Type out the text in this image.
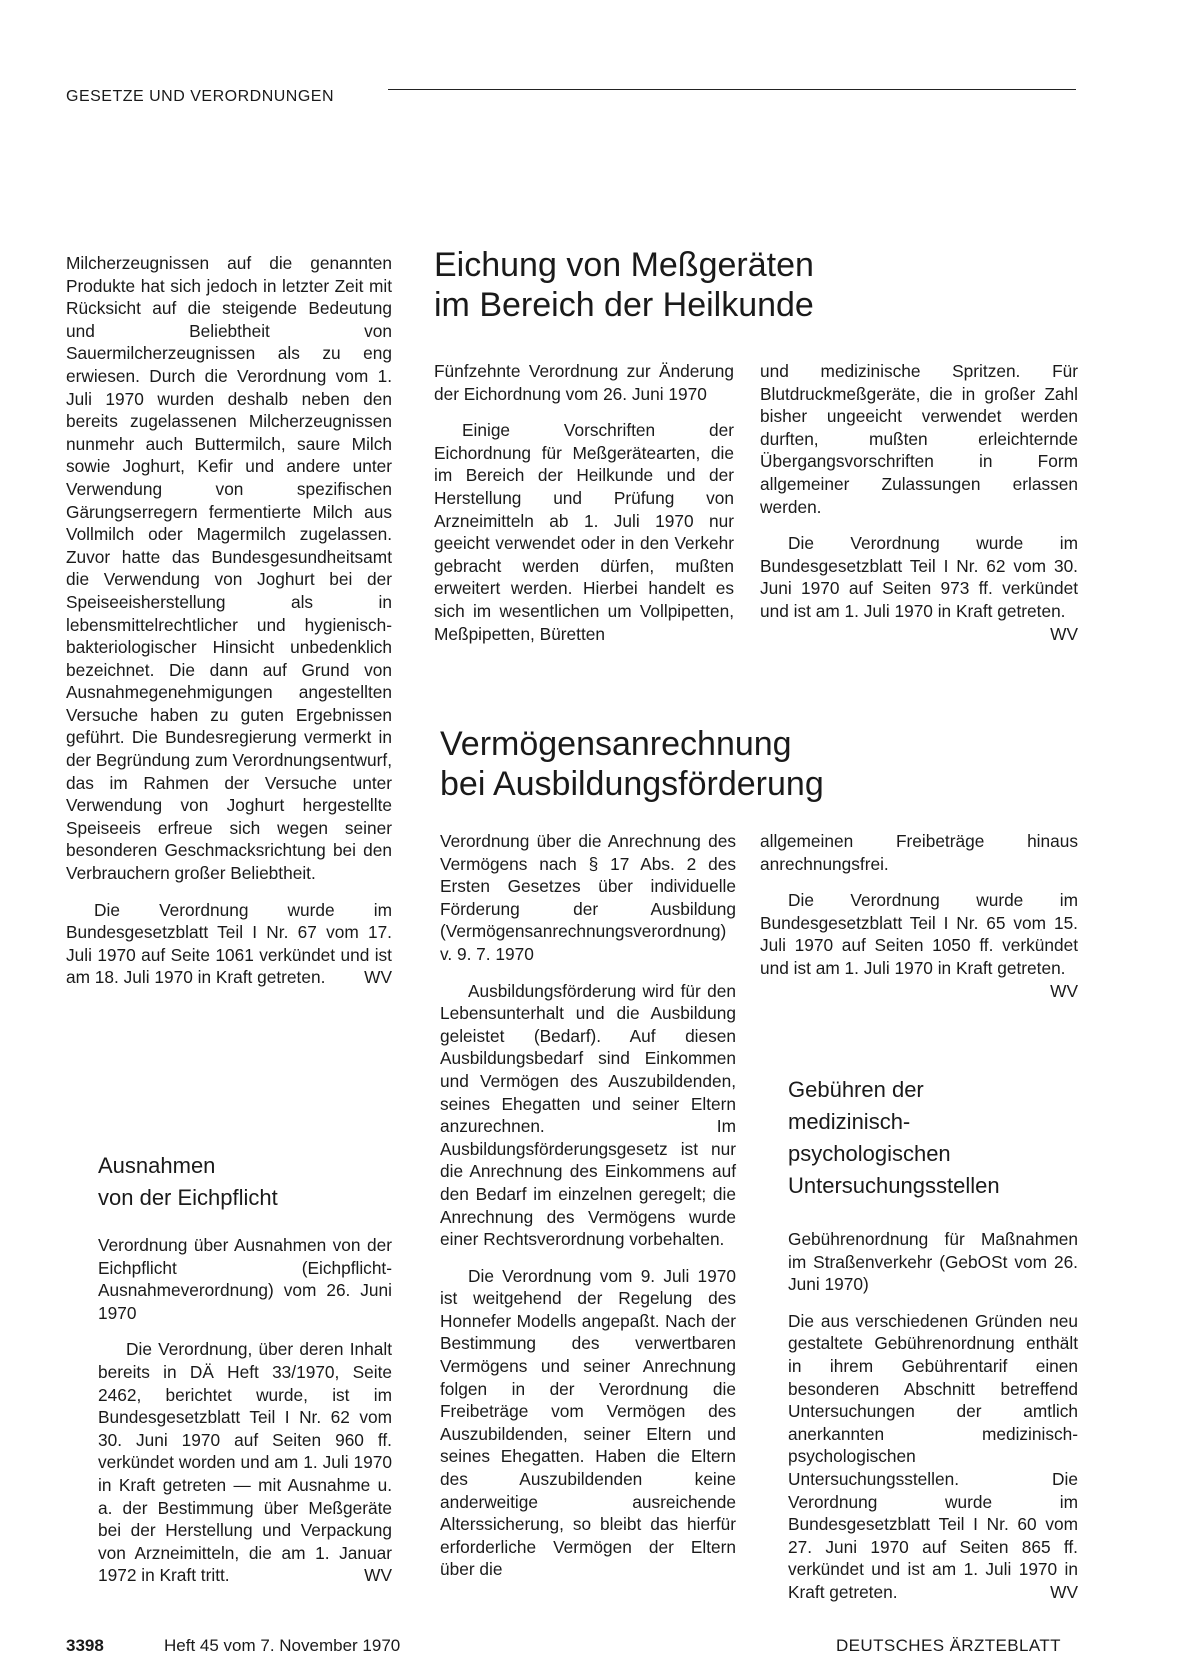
GESETZE UND VERORDNUNGEN

Milcherzeugnissen auf die genannten Produkte hat sich jedoch in letzter Zeit mit Rücksicht auf die steigende Bedeutung und Beliebtheit von Sauermilcherzeugnissen als zu eng erwiesen. Durch die Verordnung vom 1. Juli 1970 wurden deshalb neben den bereits zugelassenen Milcherzeugnissen nunmehr auch Buttermilch, saure Milch sowie Joghurt, Kefir und andere unter Verwendung von spezifischen Gärungserregern fermentierte Milch aus Vollmilch oder Magermilch zugelassen. Zuvor hatte das Bundesgesundheitsamt die Verwendung von Joghurt bei der Speiseeisherstellung als in lebensmittelrechtlicher und hygienisch-bakteriologischer Hinsicht unbedenklich bezeichnet. Die dann auf Grund von Ausnahmegenehmigungen angestellten Versuche haben zu guten Ergebnissen geführt. Die Bundesregierung vermerkt in der Begründung zum Verordnungsentwurf, das im Rahmen der Versuche unter Verwendung von Joghurt hergestellte Speiseeis erfreue sich wegen seiner besonderen Geschmacksrichtung bei den Verbrauchern großer Beliebtheit.

Die Verordnung wurde im Bundesgesetzblatt Teil I Nr. 67 vom 17. Juli 1970 auf Seite 1061 verkündet und ist am 18. Juli 1970 in Kraft getreten.	WV

Ausnahmen
von der Eichpflicht

Verordnung über Ausnahmen von der Eichpflicht (Eichpflicht-Ausnahmeverordnung) vom 26. Juni 1970

Die Verordnung, über deren Inhalt bereits in DÄ Heft 33/1970, Seite 2462, berichtet wurde, ist im Bundesgesetzblatt Teil I Nr. 62 vom 30. Juni 1970 auf Seiten 960 ff. verkündet worden und am 1. Juli 1970 in Kraft getreten — mit Ausnahme u. a. der Bestimmung über Meßgeräte bei der Herstellung und Verpackung von Arzneimitteln, die am 1. Januar 1972 in Kraft tritt.	WV

Eichung von Meßgeräten
im Bereich der Heilkunde

Fünfzehnte Verordnung zur Änderung der Eichordnung vom 26. Juni 1970

Einige Vorschriften der Eichordnung für Meßgerätearten, die im Bereich der Heilkunde und der Herstellung und Prüfung von Arzneimitteln ab 1. Juli 1970 nur geeicht verwendet oder in den Verkehr gebracht werden dürfen, mußten erweitert werden. Hierbei handelt es sich im wesentlichen um Vollpipetten, Meßpipetten, Büretten

und medizinische Spritzen. Für Blutdruckmeßgeräte, die in großer Zahl bisher ungeeicht verwendet werden durften, mußten erleichternde Übergangsvorschriften in Form allgemeiner Zulassungen erlassen werden.

Die Verordnung wurde im Bundesgesetzblatt Teil I Nr. 62 vom 30. Juni 1970 auf Seiten 973 ff. verkündet und ist am 1. Juli 1970 in Kraft getreten.
WV

Vermögensanrechnung
bei Ausbildungsförderung

Verordnung über die Anrechnung des Vermögens nach § 17 Abs. 2 des Ersten Gesetzes über individuelle Förderung der Ausbildung (Vermögensanrechnungsverordnung) v. 9. 7. 1970

Ausbildungsförderung wird für den Lebensunterhalt und die Ausbildung geleistet (Bedarf). Auf diesen Ausbildungsbedarf sind Einkommen und Vermögen des Auszubildenden, seines Ehegatten und seiner Eltern anzurechnen. Im Ausbildungsförderungsgesetz ist nur die Anrechnung des Einkommens auf den Bedarf im einzelnen geregelt; die Anrechnung des Vermögens wurde einer Rechtsverordnung vorbehalten.

Die Verordnung vom 9. Juli 1970 ist weitgehend der Regelung des Honnefer Modells angepaßt. Nach der Bestimmung des verwertbaren Vermögens und seiner Anrechnung folgen in der Verordnung die Freibeträge vom Vermögen des Auszubildenden, seiner Eltern und seines Ehegatten. Haben die Eltern des Auszubildenden keine anderweitige ausreichende Alterssicherung, so bleibt das hierfür erforderliche Vermögen der Eltern über die

allgemeinen Freibeträge hinaus anrechnungsfrei.

Die Verordnung wurde im Bundesgesetzblatt Teil I Nr. 65 vom 15. Juli 1970 auf Seiten 1050 ff. verkündet und ist am 1. Juli 1970 in Kraft getreten.
WV

Gebühren der
medizinisch-
psychologischen
Untersuchungsstellen

Gebührenordnung für Maßnahmen im Straßenverkehr (GebOSt vom 26. Juni 1970)

Die aus verschiedenen Gründen neu gestaltete Gebührenordnung enthält in ihrem Gebührentarif einen besonderen Abschnitt betreffend Untersuchungen der amtlich anerkannten medizinisch-psychologischen Untersuchungsstellen. Die Verordnung wurde im Bundesgesetzblatt Teil I Nr. 60 vom 27. Juni 1970 auf Seiten 865 ff. verkündet und ist am 1. Juli 1970 in Kraft getreten.	WV

3398	Heft 45 vom 7. November 1970	DEUTSCHES ÄRZTEBLATT
